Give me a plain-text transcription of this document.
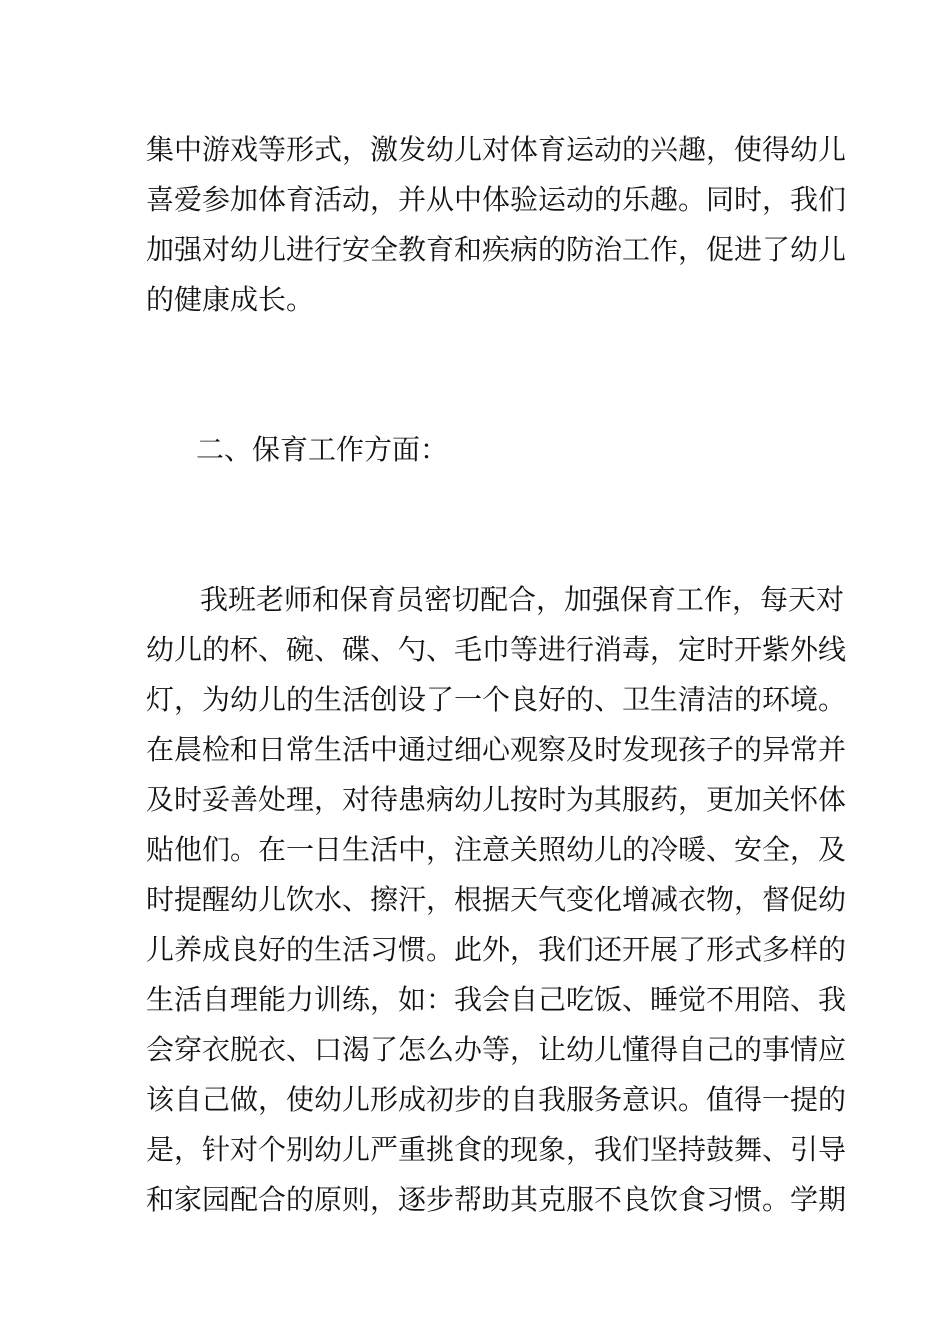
集中游戏等形式，激发幼儿对体育运动的兴趣，使得幼儿
喜爱参加体育活动，并从中体验运动的乐趣。同时，我们
加强对幼儿进行安全教育和疾病的防治工作，促进了幼儿
的健康成长。
二、保育工作方面：
我班老师和保育员密切配合，加强保育工作，每天对
幼儿的杯、碗、碟、勺、毛巾等进行消毒，定时开紫外线
灯，为幼儿的生活创设了一个良好的、卫生清洁的环境。
在晨检和日常生活中通过细心观察及时发现孩子的异常并
及时妥善处理，对待患病幼儿按时为其服药，更加关怀体
贴他们。在一日生活中，注意关照幼儿的冷暖、安全，及
时提醒幼儿饮水、擦汗，根据天气变化增减衣物，督促幼
儿养成良好的生活习惯。此外，我们还开展了形式多样的
生活自理能力训练，如：我会自己吃饭、睡觉不用陪、我
会穿衣脱衣、口渴了怎么办等，让幼儿懂得自己的事情应
该自己做，使幼儿形成初步的自我服务意识。值得一提的
是，针对个别幼儿严重挑食的现象，我们坚持鼓舞、引导
和家园配合的原则，逐步帮助其克服不良饮食习惯。学期
